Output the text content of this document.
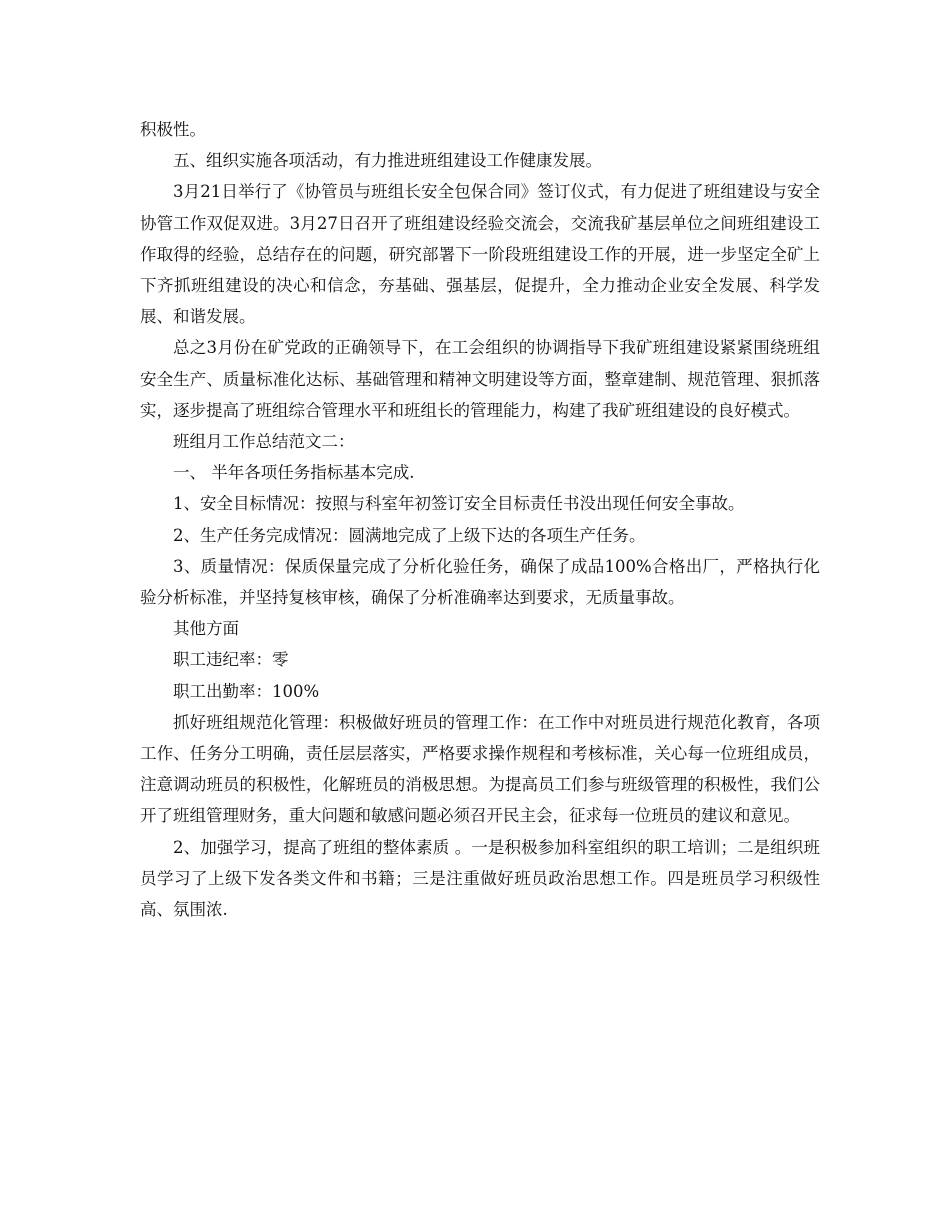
积极性。

五、组织实施各项活动，有力推进班组建设工作健康发展。

3月21日举行了《协管员与班组长安全包保合同》签订仪式，有力促进了班组建设与安全协管工作双促双进。3月27日召开了班组建设经验交流会，交流我矿基层单位之间班组建设工作取得的经验，总结存在的问题，研究部署下一阶段班组建设工作的开展，进一步坚定全矿上下齐抓班组建设的决心和信念，夯基础、强基层，促提升，全力推动企业安全发展、科学发展、和谐发展。

总之3月份在矿党政的正确领导下，在工会组织的协调指导下我矿班组建设紧紧围绕班组安全生产、质量标准化达标、基础管理和精神文明建设等方面，整章建制、规范管理、狠抓落实，逐步提高了班组综合管理水平和班组长的管理能力，构建了我矿班组建设的良好模式。

班组月工作总结范文二：

一、 半年各项任务指标基本完成.

1、安全目标情况：按照与科室年初签订安全目标责任书没出现任何安全事故。

2、生产任务完成情况：圆满地完成了上级下达的各项生产任务。

3、质量情况：保质保量完成了分析化验任务，确保了成品100%合格出厂，严格执行化验分析标准，并坚持复核审核，确保了分析准确率达到要求，无质量事故。

其他方面

职工违纪率：零

职工出勤率：100%

抓好班组规范化管理：积极做好班员的管理工作：在工作中对班员进行规范化教育，各项工作、任务分工明确，责任层层落实，严格要求操作规程和考核标准，关心每一位班组成员，注意调动班员的积极性，化解班员的消极思想。为提高员工们参与班级管理的积极性，我们公开了班组管理财务，重大问题和敏感问题必须召开民主会，征求每一位班员的建议和意见。

2、加强学习，提高了班组的整体素质 。一是积极参加科室组织的职工培训；二是组织班员学习了上级下发各类文件和书籍；三是注重做好班员政治思想工作。四是班员学习积级性高、氛围浓.
